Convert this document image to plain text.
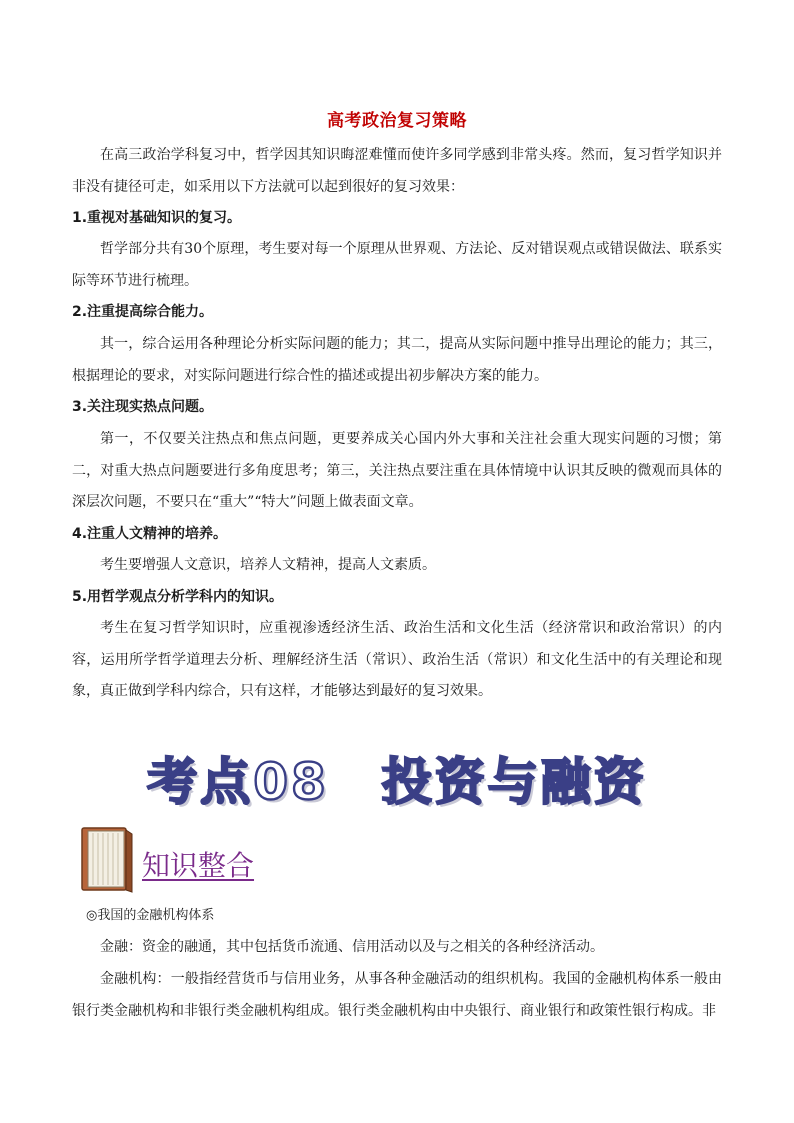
高考政治复习策略

在高三政治学科复习中，哲学因其知识晦涩难懂而使许多同学感到非常头疼。然而，复习哲学知识并非没有捷径可走，如采用以下方法就可以起到很好的复习效果：

1.重视对基础知识的复习。

哲学部分共有30个原理，考生要对每一个原理从世界观、方法论、反对错误观点或错误做法、联系实际等环节进行梳理。

2.注重提高综合能力。

其一，综合运用各种理论分析实际问题的能力；其二，提高从实际问题中推导出理论的能力；其三，根据理论的要求，对实际问题进行综合性的描述或提出初步解决方案的能力。

3.关注现实热点问题。

第一，不仅要关注热点和焦点问题，更要养成关心国内外大事和关注社会重大现实问题的习惯；第二，对重大热点问题要进行多角度思考；第三，关注热点要注重在具体情境中认识其反映的微观而具体的深层次问题，不要只在“重大”“特大”问题上做表面文章。

4.注重人文精神的培养。

考生要增强人文意识，培养人文精神，提高人文素质。

5.用哲学观点分析学科内的知识。

考生在复习哲学知识时，应重视渗透经济生活、政治生活和文化生活（经济常识和政治常识）的内容，运用所学哲学道理去分析、理解经济生活（常识）、政治生活（常识）和文化生活中的有关理论和现象，真正做到学科内综合，只有这样，才能够达到最好的复习效果。

考点08　投资与融资
知识整合

◎我国的金融机构体系

金融：资金的融通，其中包括货币流通、信用活动以及与之相关的各种经济活动。

金融机构：一般指经营货币与信用业务，从事各种金融活动的组织机构。我国的金融机构体系一般由银行类金融机构和非银行类金融机构组成。银行类金融机构由中央银行、商业银行和政策性银行构成。非
